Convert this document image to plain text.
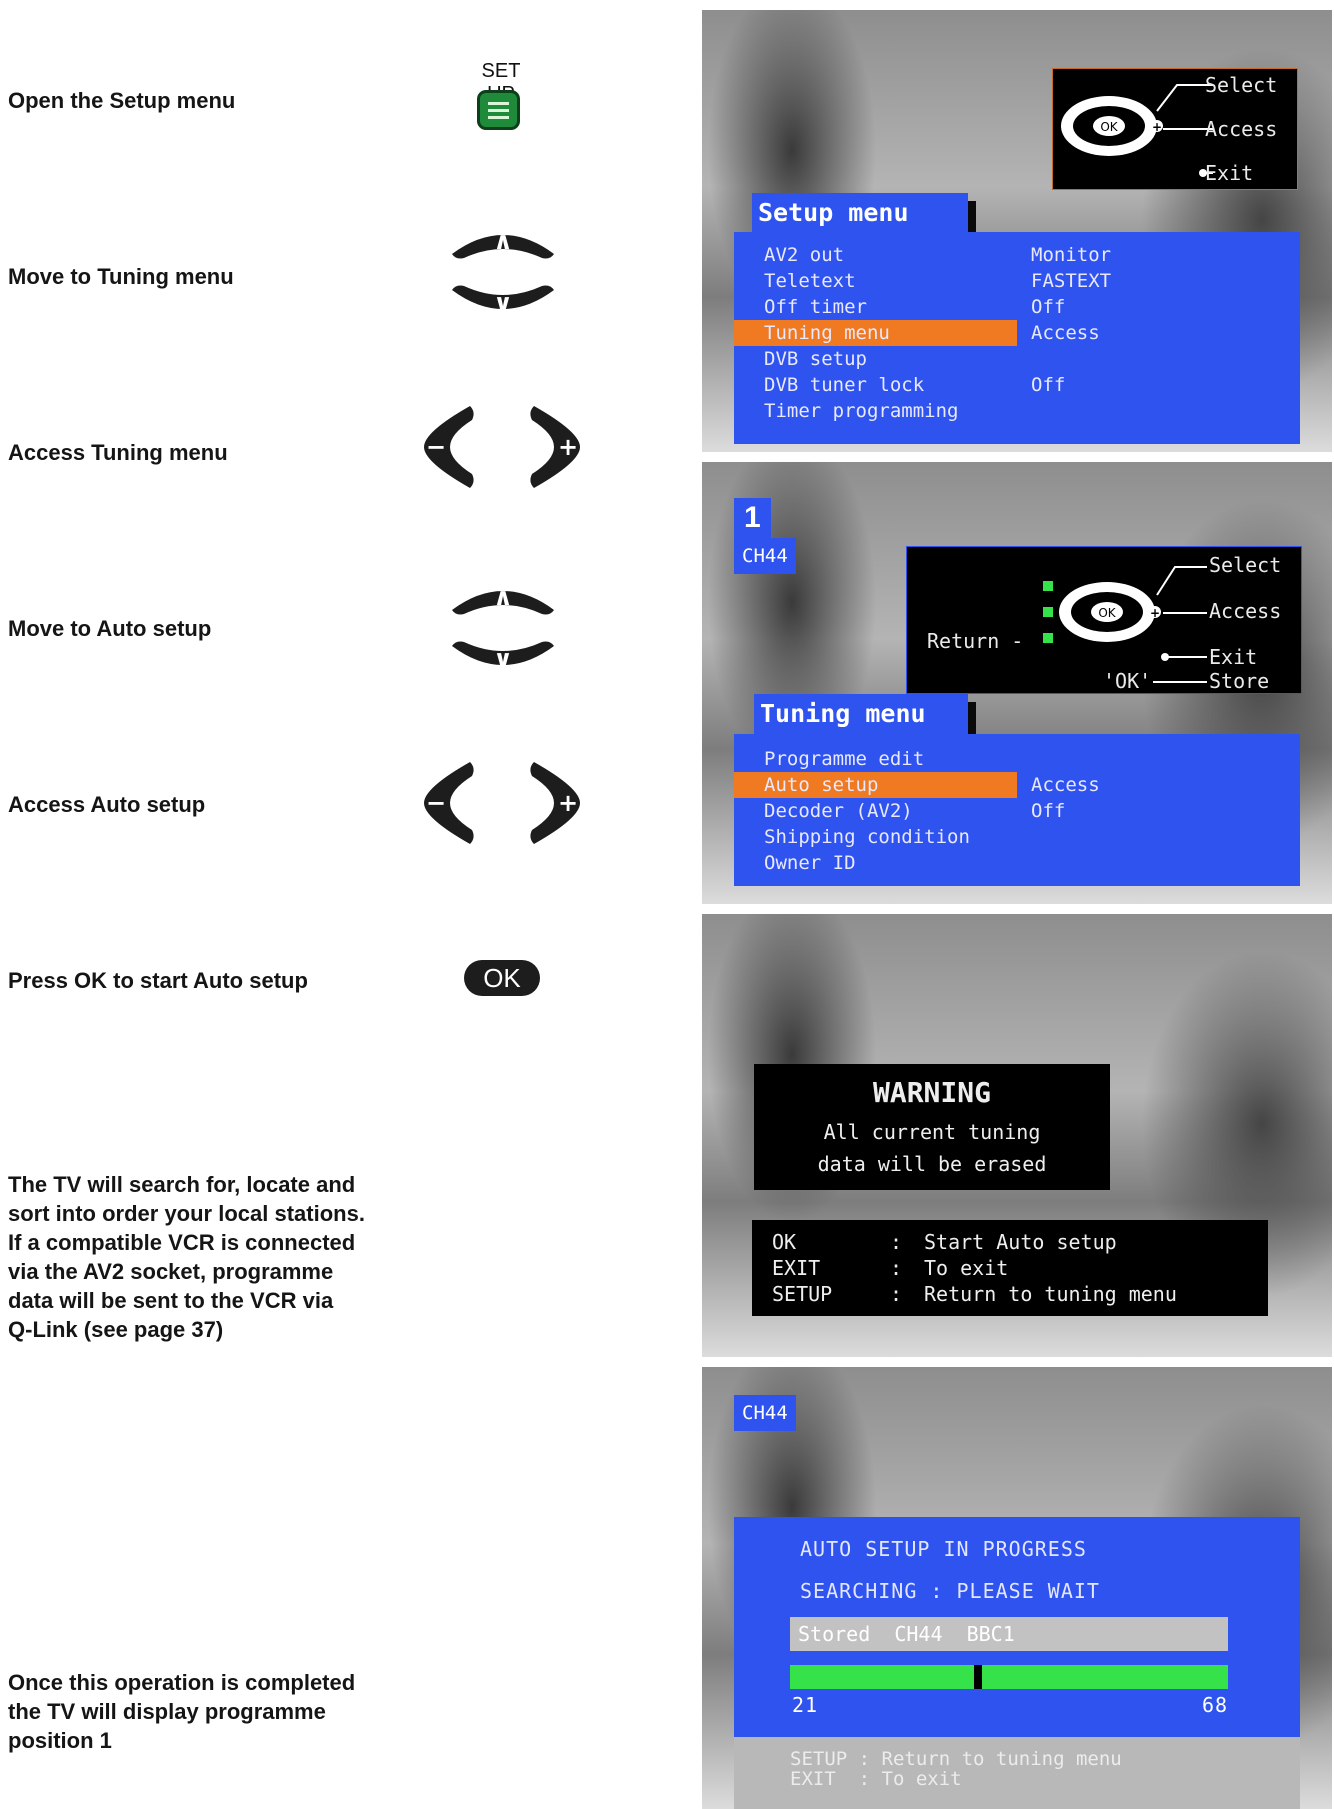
Open the Setup menu
Move to Tuning menu
Access Tuning menu
Move to Auto setup
Access Auto setup
Press OK to start Auto setup
The TV will search for, locate and
sort into order your local stations.
If a compatible VCR is connected
via the AV2 socket, programme
data will be sent to the VCR via
Q-Link (see page 37)
Once this operation is completed
the TV will display programme
position 1
SET
∧
∨
−	+
∧
∨
−	+
OK
OK	+
Select
Access
Exit
Setup menu
AV2 out	Monitor
Teletext	FASTEXT
Off timer	Off
Tuning menu	Access
DVB setup
DVB tuner lock	Off
Timer programming
1
CH44
OK	+
Select
Access
Return -
Exit
'OK'	Store
Tuning menu
Programme edit
Auto setup	Access
Decoder (AV2)	Off
Shipping condition
Owner ID
WARNING
All current tuning
data will be erased
OK	: Start Auto setup
EXIT	: To exit
SETUP	: Return to tuning menu
CH44
AUTO SETUP IN PROGRESS
SEARCHING : PLEASE WAIT
Stored  CH44  BBC1
21	68
SETUP : Return to tuning menu
EXIT  : To exit
